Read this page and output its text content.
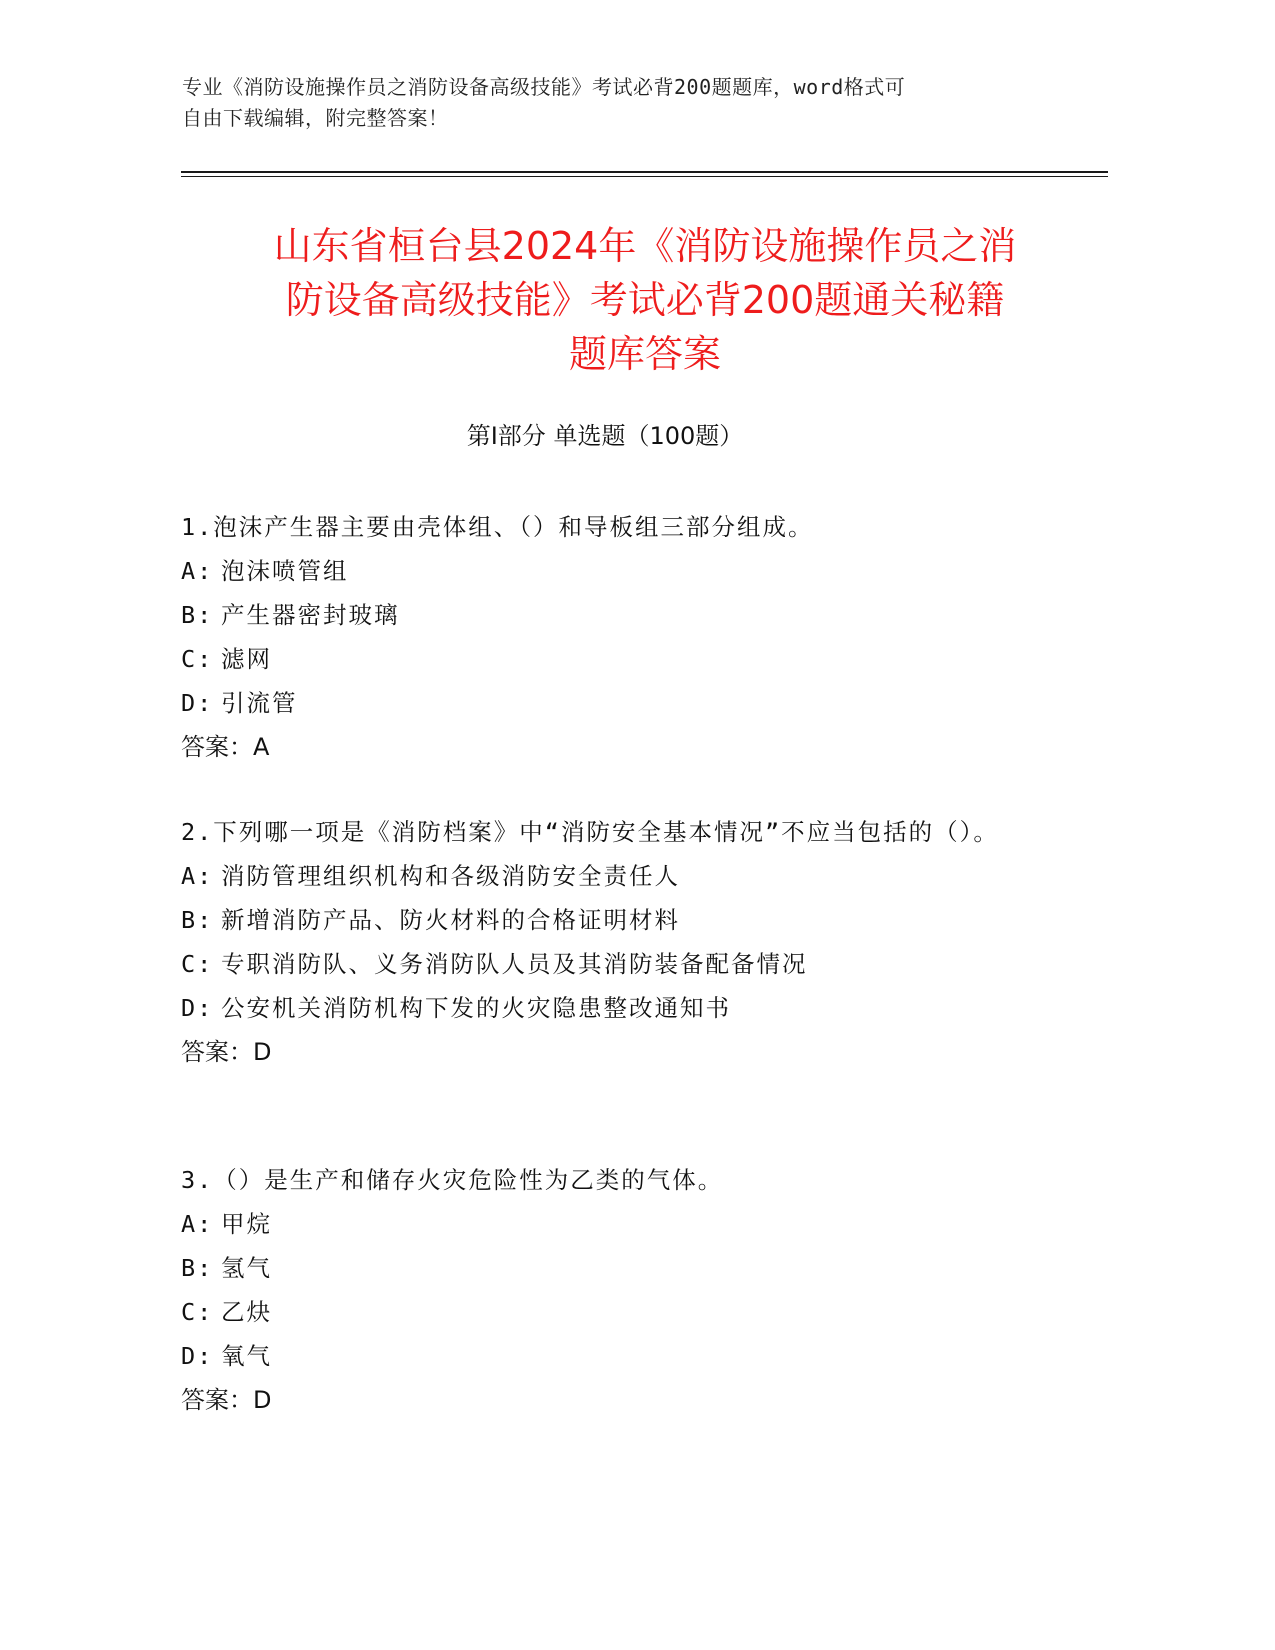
专业《消防设施操作员之消防设备高级技能》考试必背200题题库，word格式可
自由下载编辑，附完整答案！
山东省桓台县2024年《消防设施操作员之消
防设备高级技能》考试必背200题通关秘籍
题库答案
第I部分 单选题（100题）
1.泡沫产生器主要由壳体组、（）和导板组三部分组成。
A: 泡沫喷管组
B: 产生器密封玻璃
C: 滤网
D: 引流管
答案：A
2.下列哪一项是《消防档案》中“消防安全基本情况”不应当包括的（）。
A: 消防管理组织机构和各级消防安全责任人
B: 新增消防产品、防火材料的合格证明材料
C: 专职消防队、义务消防队人员及其消防装备配备情况
D: 公安机关消防机构下发的火灾隐患整改通知书
答案：D
3.（）是生产和储存火灾危险性为乙类的气体。
A: 甲烷
B: 氢气
C: 乙炔
D: 氧气
答案：D
